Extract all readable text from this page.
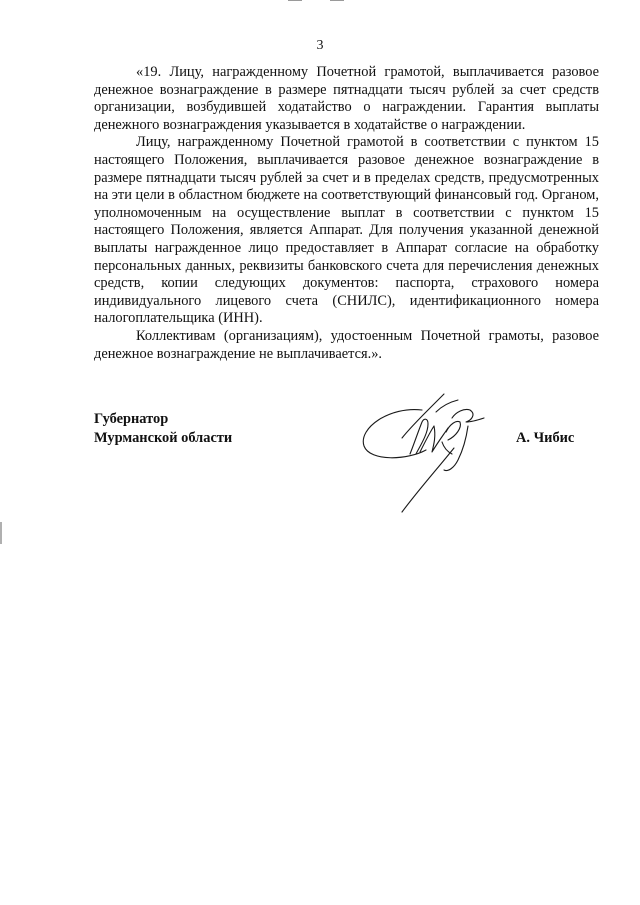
3

«19. Лицу, награжденному Почетной грамотой, выплачивается разовое денежное вознаграждение в размере пятнадцати тысяч рублей за счет средств организации, возбудившей ходатайство о награждении. Гарантия выплаты денежного вознаграждения указывается в ходатайстве о награждении.

Лицу, награжденному Почетной грамотой в соответствии с пунктом 15 настоящего Положения, выплачивается разовое денежное вознаграждение в размере пятнадцати тысяч рублей за счет и в пределах средств, предусмотренных на эти цели в областном бюджете на соответствующий финансовый год. Органом, уполномоченным на осуществление выплат в соответствии с пунктом 15 настоящего Положения, является Аппарат. Для получения указанной денежной выплаты награжденное лицо предоставляет в Аппарат согласие на обработку персональных данных, реквизиты банковского счета для перечисления денежных средств, копии следующих документов: паспорта, страхового номера индивидуального лицевого счета (СНИЛС), идентификационного номера налогоплательщика (ИНН).

Коллективам (организациям), удостоенным Почетной грамоты, разовое денежное вознаграждение не выплачивается.».

Губернатор
Мурманской области	А. Чибис
